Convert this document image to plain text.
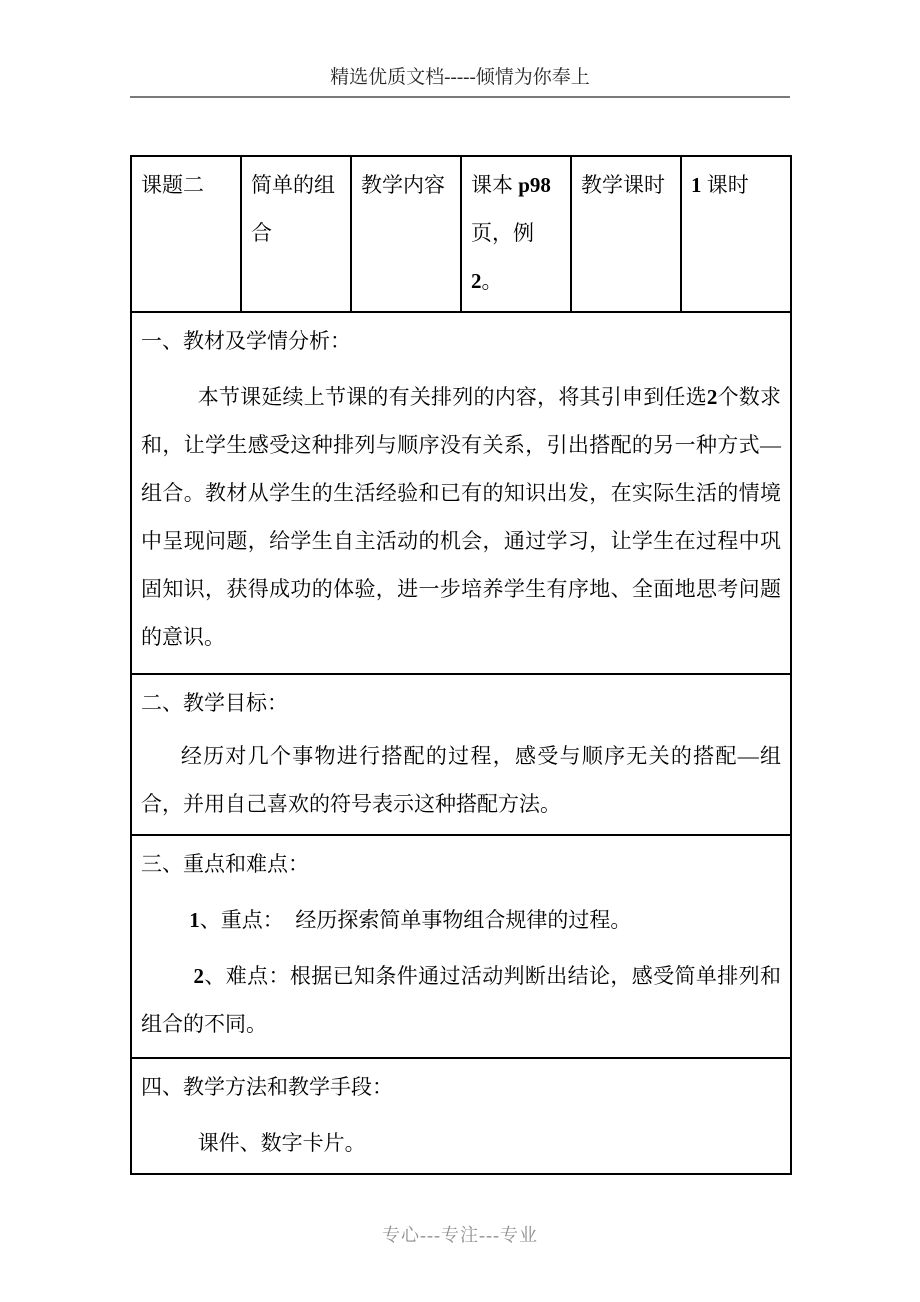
精选优质文档-----倾情为你奉上
课题二	简单的组合	教学内容	课本 p98 页，例 2。	教学课时	1 课时

一、教材及学情分析：

本节课延续上节课的有关排列的内容，将其引申到任选2个数求和，让学生感受这种排列与顺序没有关系，引出搭配的另一种方式—组合。教材从学生的生活经验和已有的知识出发，在实际生活的情境中呈现问题，给学生自主活动的机会，通过学习，让学生在过程中巩固知识，获得成功的体验，进一步培养学生有序地、全面地思考问题的意识。

二、教学目标：

经历对几个事物进行搭配的过程，感受与顺序无关的搭配—组合，并用自己喜欢的符号表示这种搭配方法。

三、重点和难点：

1、重点： 经历探索简单事物组合规律的过程。

2、难点：根据已知条件通过活动判断出结论，感受简单排列和组合的不同。

四、教学方法和教学手段：

课件、数字卡片。

专心---专注---专业
